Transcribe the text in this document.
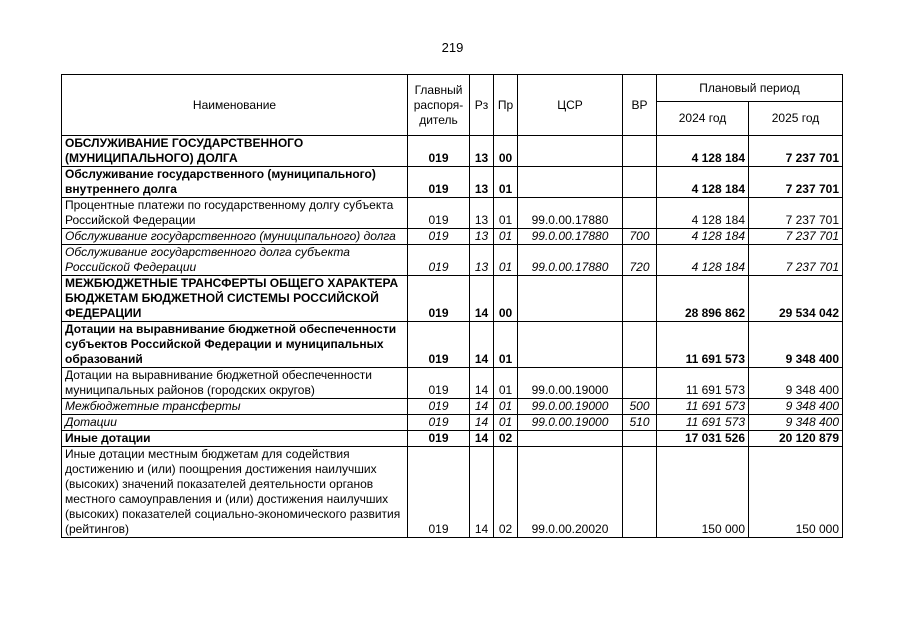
219
Наименование	Главный распоря-дитель	Рз	Пр	ЦСР	ВР	Плановый период	
						2024 год	2025 год
ОБСЛУЖИВАНИЕ ГОСУДАРСТВЕННОГО (МУНИЦИПАЛЬНОГО) ДОЛГА	019	13	00			4 128 184	7 237 701
Обслуживание государственного (муниципального) внутреннего долга	019	13	01			4 128 184	7 237 701
Процентные платежи по государственному долгу субъекта Российской Федерации	019	13	01	99.0.00.17880		4 128 184	7 237 701
Обслуживание государственного (муниципального) долга	019	13	01	99.0.00.17880	700	4 128 184	7 237 701
Обслуживание государственного долга субъекта Российской Федерации	019	13	01	99.0.00.17880	720	4 128 184	7 237 701
МЕЖБЮДЖЕТНЫЕ ТРАНСФЕРТЫ ОБЩЕГО ХАРАКТЕРА БЮДЖЕТАМ БЮДЖЕТНОЙ СИСТЕМЫ РОССИЙСКОЙ ФЕДЕРАЦИИ	019	14	00			28 896 862	29 534 042
Дотации на выравнивание бюджетной обеспеченности субъектов Российской Федерации и муниципальных образований	019	14	01			11 691 573	9 348 400
Дотации на выравнивание бюджетной обеспеченности муниципальных районов (городских округов)	019	14	01	99.0.00.19000		11 691 573	9 348 400
Межбюджетные трансферты	019	14	01	99.0.00.19000	500	11 691 573	9 348 400
Дотации	019	14	01	99.0.00.19000	510	11 691 573	9 348 400
Иные дотации	019	14	02			17 031 526	20 120 879
Иные дотации местным бюджетам для содействия достижению и (или) поощрения достижения наилучших (высоких) значений показателей деятельности органов местного самоуправления и (или) достижения наилучших (высоких) показателей социально-экономического развития (рейтингов)	019	14	02	99.0.00.20020		150 000	150 000
